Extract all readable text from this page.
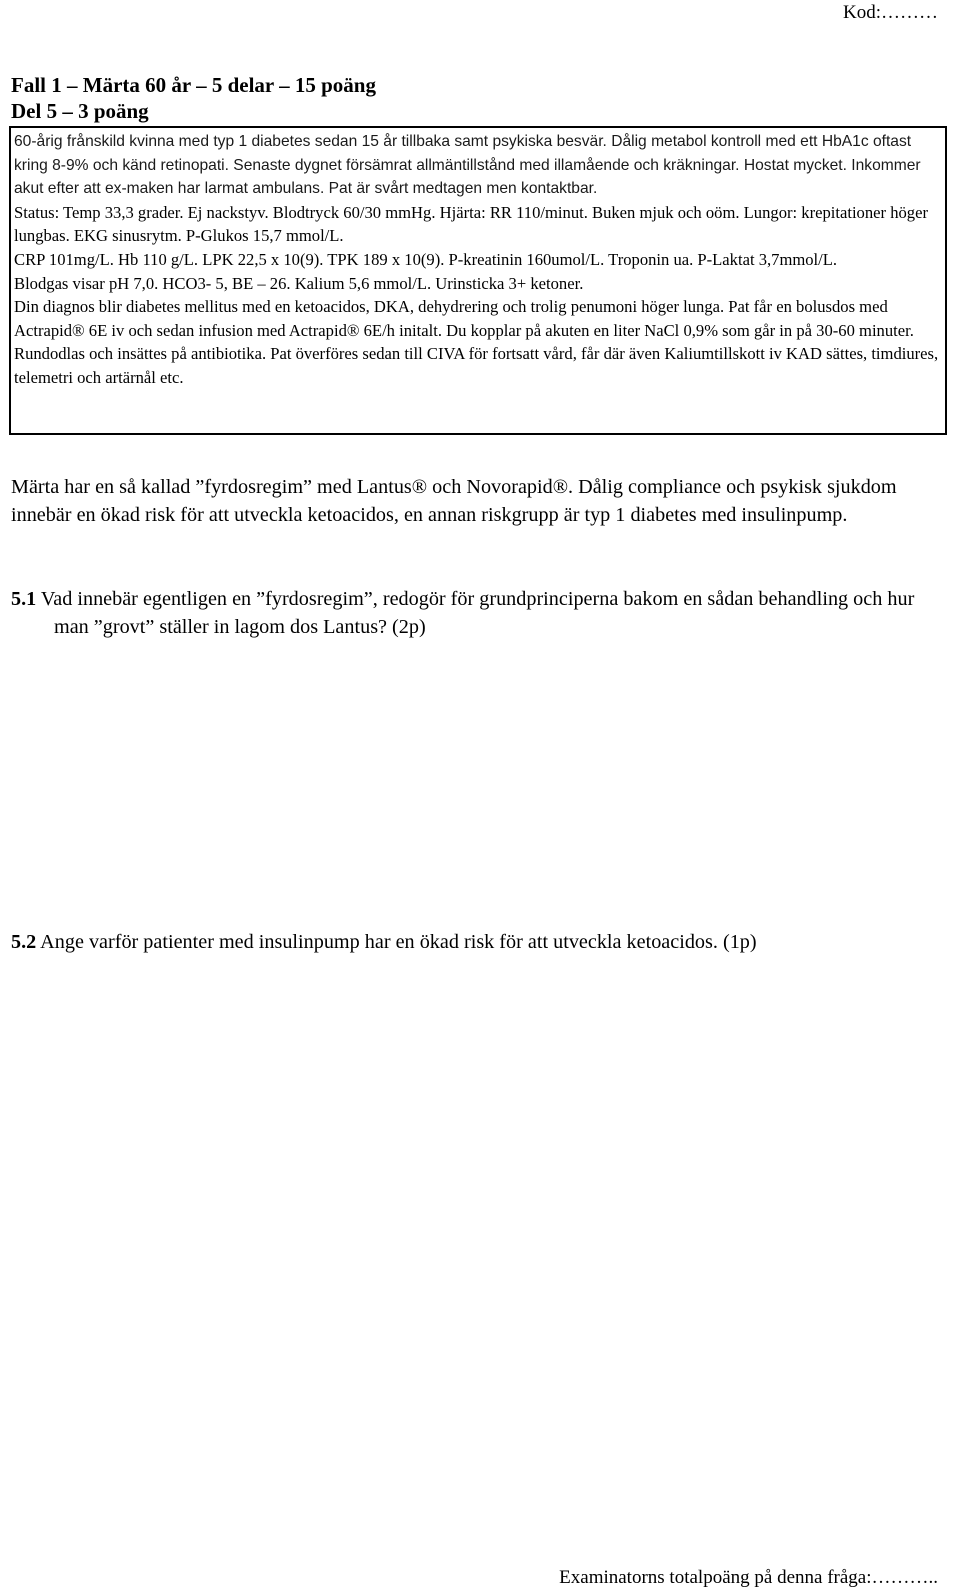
Kod:………
Fall 1 – Märta 60 år – 5 delar – 15 poäng
Del 5 – 3 poäng

60-årig frånskild kvinna med typ 1 diabetes sedan 15 år tillbaka samt psykiska besvär. Dålig metabol kontroll med ett HbA1c oftast kring 8-9% och känd retinopati. Senaste dygnet försämrat allmäntillstånd med illamående och kräkningar. Hostat mycket. Inkommer akut efter att ex-maken har larmat ambulans. Pat är svårt medtagen men kontaktbar.

Status: Temp 33,3 grader. Ej nackstyv. Blodtryck 60/30 mmHg. Hjärta: RR 110/minut. Buken mjuk och oöm. Lungor: krepitationer höger lungbas. EKG sinusrytm. P-Glukos 15,7 mmol/L.

CRP 101mg/L. Hb 110 g/L. LPK 22,5 x 10(9). TPK 189 x 10(9). P-kreatinin 160umol/L. Troponin ua. P-Laktat 3,7mmol/L.

Blodgas visar pH 7,0. HCO3- 5, BE – 26. Kalium 5,6 mmol/L. Urinsticka 3+ ketoner.

Din diagnos blir diabetes mellitus med en ketoacidos, DKA, dehydrering och trolig penumoni höger lunga. Pat får en bolusdos med Actrapid® 6E iv och sedan infusion med Actrapid® 6E/h initalt. Du kopplar på akuten en liter NaCl 0,9% som går in på 30-60 minuter. Rundodlas och insättes på antibiotika. Pat överföres sedan till CIVA för fortsatt vård, får där även Kaliumtillskott iv KAD sättes, timdiures, telemetri och artärnål etc.

Märta har en så kallad ”fyrdosregim” med Lantus® och Novorapid®. Dålig compliance och psykisk sjukdom innebär en ökad risk för att utveckla ketoacidos, en annan riskgrupp är typ 1 diabetes med insulinpump.

5.1 Vad innebär egentligen en ”fyrdosregim”, redogör för grundprinciperna bakom en sådan behandling och hur man ”grovt” ställer in lagom dos Lantus? (2p)

5.2 Ange varför patienter med insulinpump har en ökad risk för att utveckla ketoacidos. (1p)

Examinatorns totalpoäng på denna fråga:………..
